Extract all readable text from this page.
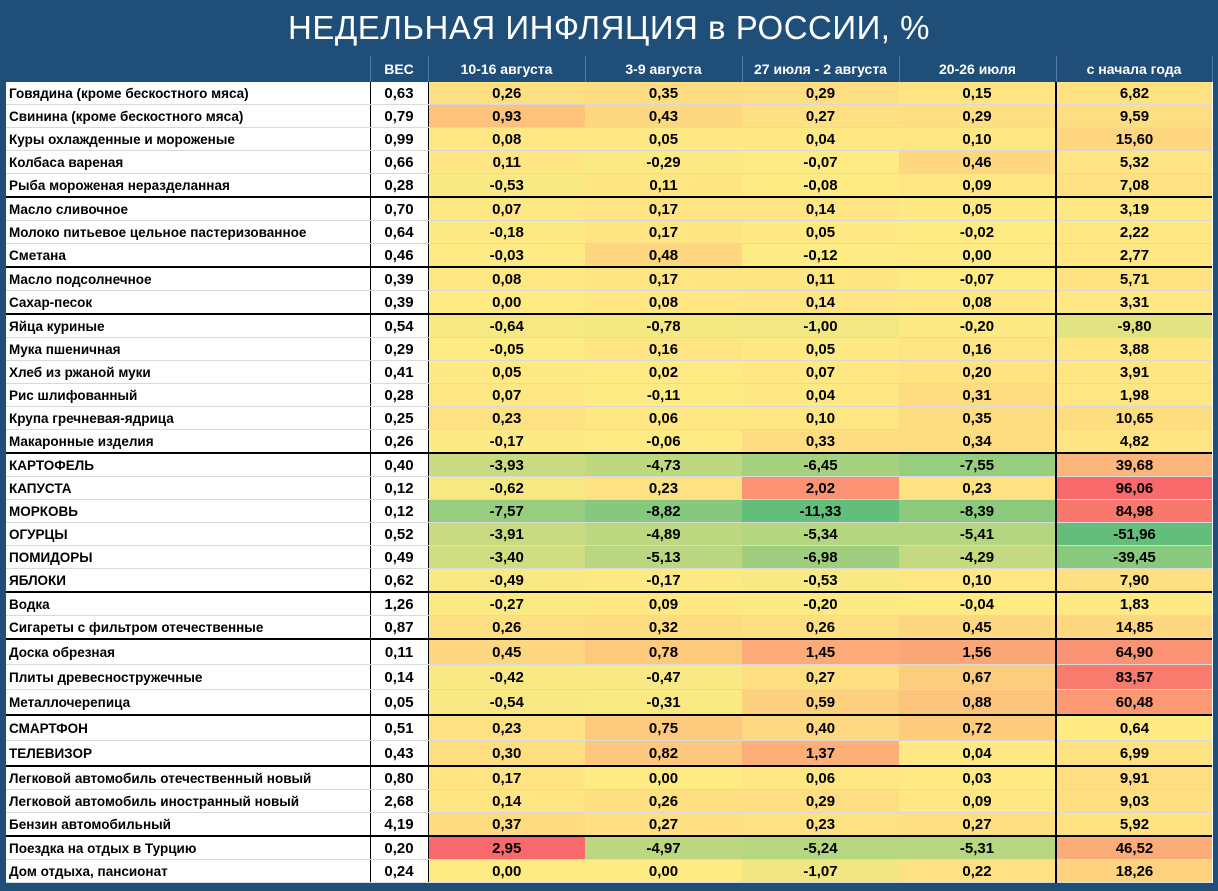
НЕДЕЛЬНАЯ ИНФЛЯЦИЯ в РОССИИ, %
	ВЕС	10-16 августа	3-9 августа	27 июля - 2 августа	20-26 июля	с начала года
Говядина (кроме бескостного мяса)	0,63	0,26	0,35	0,29	0,15	6,82
Свинина (кроме бескостного мяса)	0,79	0,93	0,43	0,27	0,29	9,59
Куры охлажденные и мороженые	0,99	0,08	0,05	0,04	0,10	15,60
Колбаса вареная	0,66	0,11	-0,29	-0,07	0,46	5,32
Рыба мороженая неразделанная	0,28	-0,53	0,11	-0,08	0,09	7,08
Масло сливочное	0,70	0,07	0,17	0,14	0,05	3,19
Молоко питьевое цельное пастеризованное	0,64	-0,18	0,17	0,05	-0,02	2,22
Сметана	0,46	-0,03	0,48	-0,12	0,00	2,77
Масло подсолнечное	0,39	0,08	0,17	0,11	-0,07	5,71
Сахар-песок	0,39	0,00	0,08	0,14	0,08	3,31
Яйца куриные	0,54	-0,64	-0,78	-1,00	-0,20	-9,80
Мука пшеничная	0,29	-0,05	0,16	0,05	0,16	3,88
Хлеб из ржаной муки	0,41	0,05	0,02	0,07	0,20	3,91
Рис шлифованный	0,28	0,07	-0,11	0,04	0,31	1,98
Крупа гречневая-ядрица	0,25	0,23	0,06	0,10	0,35	10,65
Макаронные изделия	0,26	-0,17	-0,06	0,33	0,34	4,82
КАРТОФЕЛЬ	0,40	-3,93	-4,73	-6,45	-7,55	39,68
КАПУСТА	0,12	-0,62	0,23	2,02	0,23	96,06
МОРКОВЬ	0,12	-7,57	-8,82	-11,33	-8,39	84,98
ОГУРЦЫ	0,52	-3,91	-4,89	-5,34	-5,41	-51,96
ПОМИДОРЫ	0,49	-3,40	-5,13	-6,98	-4,29	-39,45
ЯБЛОКИ	0,62	-0,49	-0,17	-0,53	0,10	7,90
Водка	1,26	-0,27	0,09	-0,20	-0,04	1,83
Сигареты с фильтром отечественные	0,87	0,26	0,32	0,26	0,45	14,85
Доска обрезная	0,11	0,45	0,78	1,45	1,56	64,90
Плиты древесностружечные	0,14	-0,42	-0,47	0,27	0,67	83,57
Металлочерепица	0,05	-0,54	-0,31	0,59	0,88	60,48
СМАРТФОН	0,51	0,23	0,75	0,40	0,72	0,64
ТЕЛЕВИЗОР	0,43	0,30	0,82	1,37	0,04	6,99
Легковой автомобиль отечественный новый	0,80	0,17	0,00	0,06	0,03	9,91
Легковой автомобиль иностранный новый	2,68	0,14	0,26	0,29	0,09	9,03
Бензин автомобильный	4,19	0,37	0,27	0,23	0,27	5,92
Поездка на отдых в Турцию	0,20	2,95	-4,97	-5,24	-5,31	46,52
Дом отдыха, пансионат	0,24	0,00	0,00	-1,07	0,22	18,26
